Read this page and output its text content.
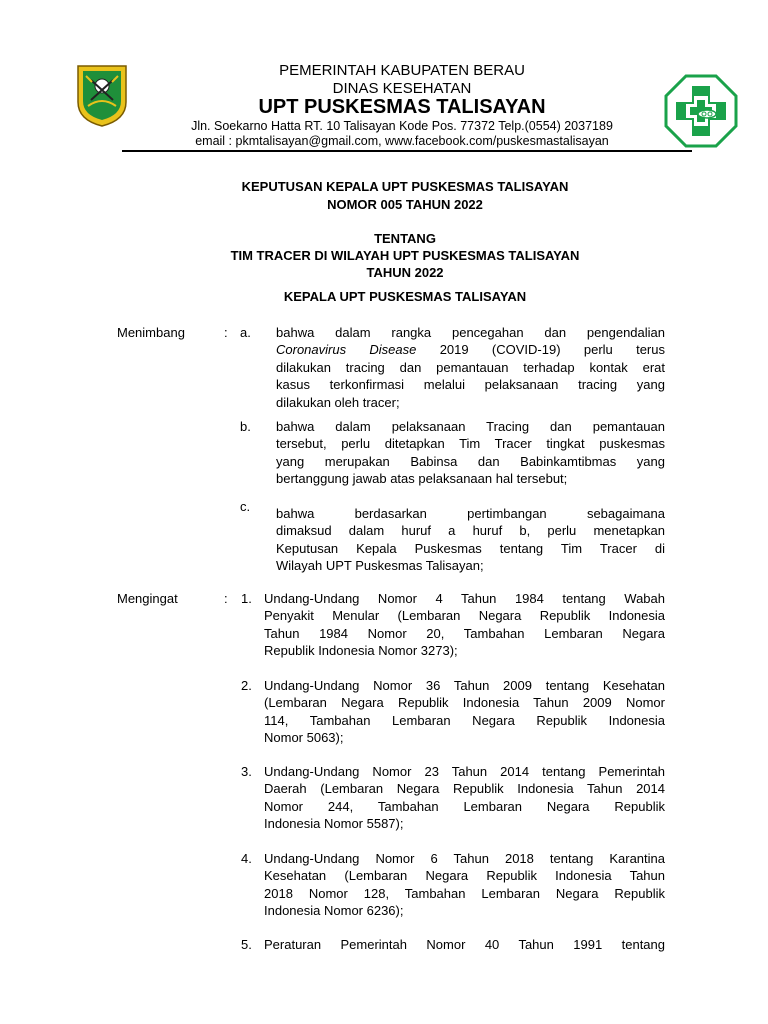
PEMERINTAH KABUPATEN BERAU
DINAS KESEHATAN
UPT PUSKESMAS TALISAYAN
Jln. Soekarno Hatta RT. 10 Talisayan Kode Pos. 77372 Telp.(0554) 2037189
email : pkmtalisayan@gmail.com, www.facebook.com/puskesmastalisayan
KEPUTUSAN KEPALA UPT PUSKESMAS TALISAYAN
NOMOR 005 TAHUN 2022
TENTANG
TIM TRACER DI WILAYAH UPT PUSKESMAS TALISAYAN
TAHUN 2022
KEPALA UPT PUSKESMAS TALISAYAN
Menimbang	: a. bahwa dalam rangka pencegahan dan pengendalian
Coronavirus Disease 2019 (COVID-19) perlu terus
dilakukan tracing dan pemantauan terhadap kontak erat
kasus terkonfirmasi melalui pelaksanaan tracing yang
dilakukan oleh tracer;
b. bahwa dalam pelaksanaan Tracing dan pemantauan
tersebut, perlu ditetapkan Tim Tracer tingkat puskesmas
yang merupakan Babinsa dan Babinkamtibmas yang
bertanggung jawab atas pelaksanaan hal tersebut;
c. bahwa berdasarkan pertimbangan sebagaimana
dimaksud dalam huruf a huruf b, perlu menetapkan
Keputusan Kepala Puskesmas tentang Tim Tracer di
Wilayah UPT Puskesmas Talisayan;
Mengingat	: 1. Undang-Undang Nomor 4 Tahun 1984 tentang Wabah
Penyakit Menular (Lembaran Negara Republik Indonesia
Tahun 1984 Nomor 20, Tambahan Lembaran Negara
Republik Indonesia Nomor 3273);
2. Undang-Undang Nomor 36 Tahun 2009 tentang Kesehatan
(Lembaran Negara Republik Indonesia Tahun 2009 Nomor
114, Tambahan Lembaran Negara Republik Indonesia
Nomor 5063);
3. Undang-Undang Nomor 23 Tahun 2014 tentang Pemerintah
Daerah (Lembaran Negara Republik Indonesia Tahun 2014
Nomor 244, Tambahan Lembaran Negara Republik
Indonesia Nomor 5587);
4. Undang-Undang Nomor 6 Tahun 2018 tentang Karantina
Kesehatan (Lembaran Negara Republik Indonesia Tahun
2018 Nomor 128, Tambahan Lembaran Negara Republik
Indonesia Nomor 6236);
5. Peraturan Pemerintah Nomor 40 Tahun 1991 tentang
